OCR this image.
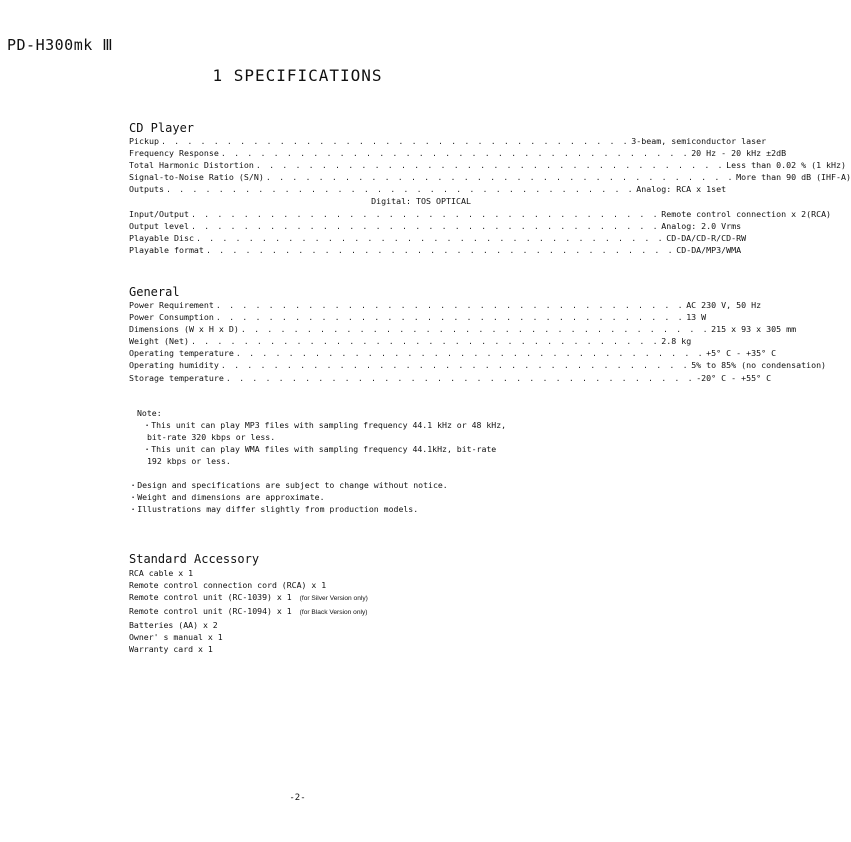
PD-H300mk Ⅲ
1 SPECIFICATIONS
CD Player
Pickup . . . . . . . . . . . . . . . . . . . . . . . . . . . . . . . . . . . . 3-beam, semiconductor laser
Frequency Response . . . . . . . . . . . . . . . . . . . . . . . . . . . . . . . . . . . . 20 Hz - 20 kHz ±2dB
Total Harmonic Distortion . . . . . . . . . . . . . . . . . . . . . . . . . . . . . . . . . . . . Less than 0.02 % (1 kHz)
Signal-to-Noise Ratio (S/N) . . . . . . . . . . . . . . . . . . . . . . . . . . . . . . . . . . . . More than 90 dB (IHF-A)
Outputs . . . . . . . . . . . . . . . . . . . . . . . . . . . . . . . . . . . . Analog: RCA x 1set
Digital: TOS OPTICAL
Input/Output . . . . . . . . . . . . . . . . . . . . . . . . . . . . . . . . . . . . Remote control connection x 2(RCA)
Output level . . . . . . . . . . . . . . . . . . . . . . . . . . . . . . . . . . . . Analog: 2.0 Vrms
Playable Disc . . . . . . . . . . . . . . . . . . . . . . . . . . . . . . . . . . . . CD-DA/CD-R/CD-RW
Playable format . . . . . . . . . . . . . . . . . . . . . . . . . . . . . . . . . . . . CD-DA/MP3/WMA
General
Power Requirement . . . . . . . . . . . . . . . . . . . . . . . . . . . . . . . . . . . . AC 230 V, 50 Hz
Power Consumption . . . . . . . . . . . . . . . . . . . . . . . . . . . . . . . . . . . . 13 W
Dimensions (W x H x D) . . . . . . . . . . . . . . . . . . . . . . . . . . . . . . . . . . . . 215 x 93 x 305 mm
Weight (Net) . . . . . . . . . . . . . . . . . . . . . . . . . . . . . . . . . . . . 2.8 kg
Operating temperature . . . . . . . . . . . . . . . . . . . . . . . . . . . . . . . . . . . . +5° C - +35° C
Operating humidity . . . . . . . . . . . . . . . . . . . . . . . . . . . . . . . . . . . . 5% to 85% (no condensation)
Storage temperature . . . . . . . . . . . . . . . . . . . . . . . . . . . . . . . . . . . . -20° C - +55° C
Note:
・This unit can play MP3 files with sampling frequency 44.1 kHz or 48 kHz,
bit-rate 320 kbps or less.
・This unit can play WMA files with sampling frequency 44.1kHz, bit-rate
192 kbps or less.
・Design and specifications are subject to change without notice.
・Weight and dimensions are approximate.
・Illustrations may differ slightly from production models.
Standard Accessory
RCA cable x 1
Remote control connection cord (RCA) x 1
Remote control unit (RC-1039) x 1 (for Silver Version only)
Remote control unit (RC-1094) x 1 (for Black Version only)
Batteries (AA) x 2
Owner' s manual x 1
Warranty card x 1
-2-
